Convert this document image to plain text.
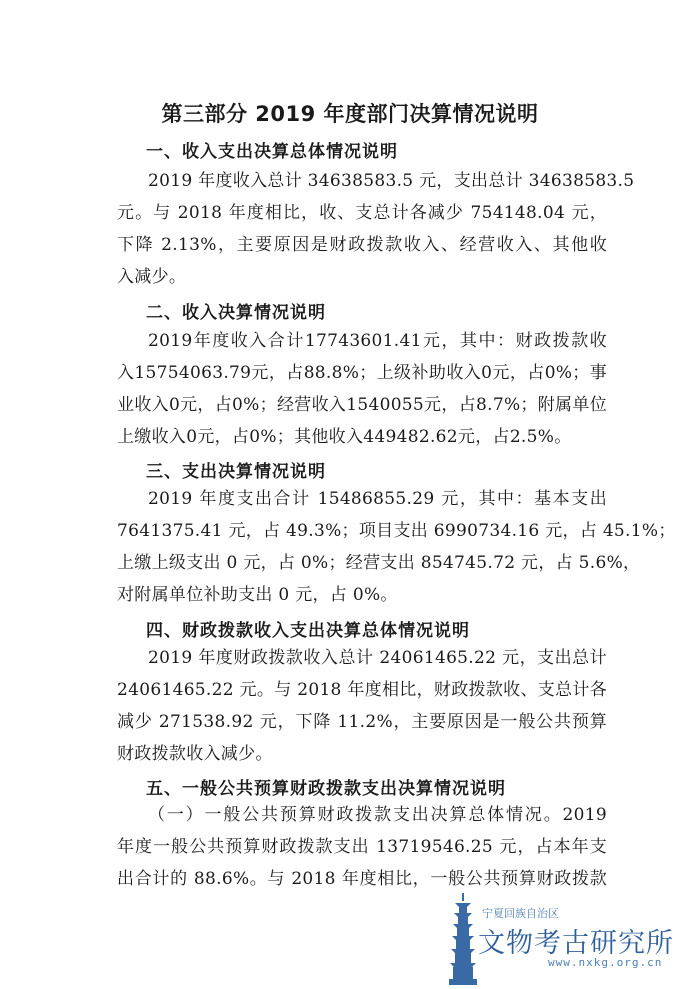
第三部分 2019 年度部门决算情况说明
一、收入支出决算总体情况说明
2019 年度收入总计 34638583.5 元，支出总计 34638583.5
元。与 2018 年度相比，收、支总计各减少 754148.04 元，
下降 2.13%，主要原因是财政拨款收入、经营收入、其他收
入减少。
二、收入决算情况说明
2019年度收入合计17743601.41元，其中：财政拨款收
入15754063.79元，占88.8%；上级补助收入0元，占0%；事
业收入0元，占0%；经营收入1540055元，占8.7%；附属单位
上缴收入0元，占0%；其他收入449482.62元，占2.5%。
三、支出决算情况说明
2019 年度支出合计 15486855.29 元，其中：基本支出
7641375.41 元，占 49.3%；项目支出 6990734.16 元，占 45.1%；
上缴上级支出 0 元，占 0%；经营支出 854745.72 元，占 5.6%，
对附属单位补助支出 0 元，占 0%。
四、财政拨款收入支出决算总体情况说明
2019 年度财政拨款收入总计 24061465.22 元，支出总计
24061465.22 元。与 2018 年度相比，财政拨款收、支总计各
减少 271538.92 元，下降 11.2%，主要原因是一般公共预算
财政拨款收入减少。
五、一般公共预算财政拨款支出决算情况说明
（一）一般公共预算财政拨款支出决算总体情况。2019
年度一般公共预算财政拨款支出 13719546.25 元，占本年支
出合计的 88.6%。与 2018 年度相比，一般公共预算财政拨款
宁夏回族自治区
文物考古研究所
www.nxkg.org.cn
